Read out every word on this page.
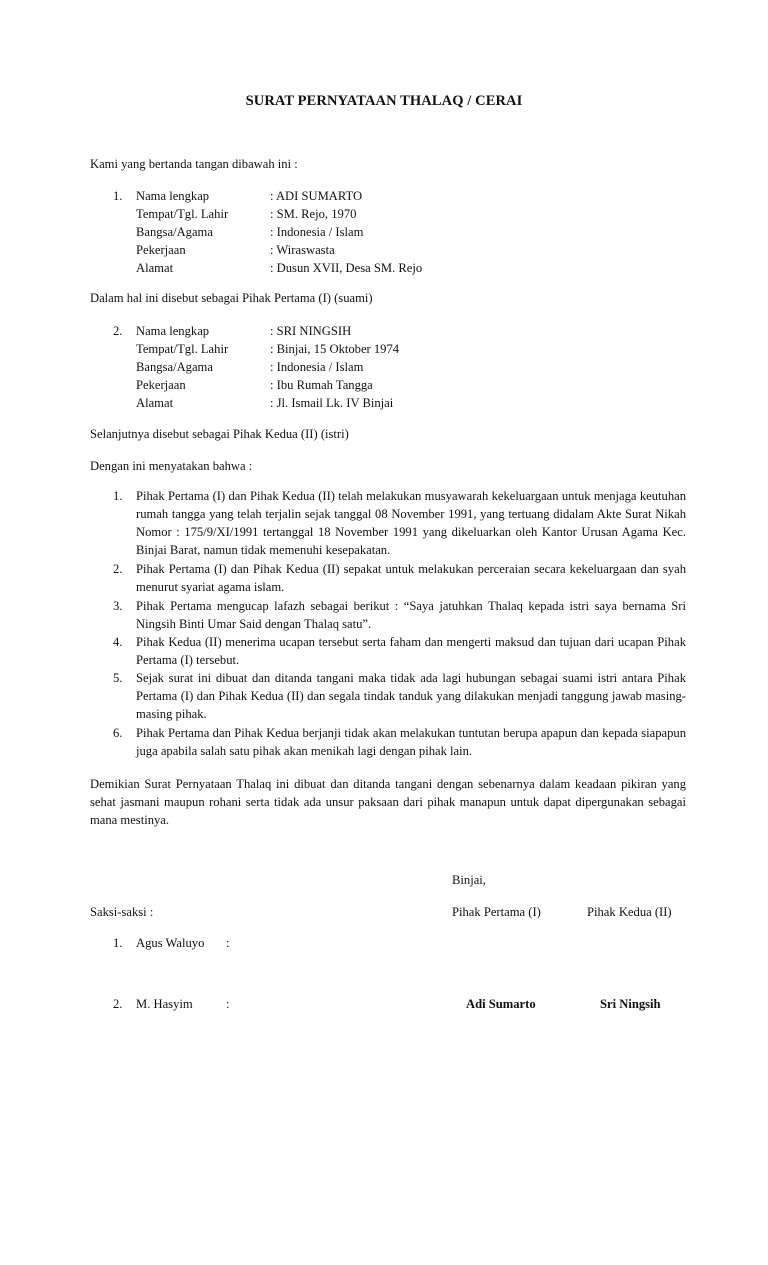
SURAT PERNYATAAN THALAQ / CERAI
Kami yang bertanda tangan dibawah ini :
1. Nama lengkap	: ADI SUMARTO
Tempat/Tgl. Lahir	: SM. Rejo, 1970
Bangsa/Agama	: Indonesia / Islam
Pekerjaan	: Wiraswasta
Alamat	: Dusun XVII, Desa SM. Rejo
Dalam hal ini disebut sebagai Pihak Pertama (I) (suami)
2. Nama lengkap	: SRI NINGSIH
Tempat/Tgl. Lahir	: Binjai, 15 Oktober 1974
Bangsa/Agama	: Indonesia / Islam
Pekerjaan	: Ibu Rumah Tangga
Alamat	: Jl. Ismail Lk. IV Binjai
Selanjutnya disebut sebagai Pihak Kedua (II) (istri)
Dengan ini menyatakan bahwa :
1. Pihak Pertama (I) dan Pihak Kedua (II) telah melakukan musyawarah kekeluargaan untuk menjaga keutuhan rumah tangga yang telah terjalin sejak tanggal 08 November 1991, yang tertuang didalam Akte Surat Nikah Nomor : 175/9/XI/1991 tertanggal 18 November 1991 yang dikeluarkan oleh Kantor Urusan Agama Kec. Binjai Barat, namun tidak memenuhi kesepakatan.
2. Pihak Pertama (I) dan Pihak Kedua (II) sepakat untuk melakukan perceraian secara kekeluargaan dan syah menurut syariat agama islam.
3. Pihak Pertama mengucap lafazh sebagai berikut : “Saya jatuhkan Thalaq kepada istri saya bernama Sri Ningsih Binti Umar Said dengan Thalaq satu”.
4. Pihak Kedua (II) menerima ucapan tersebut serta faham dan mengerti maksud dan tujuan dari ucapan Pihak Pertama (I) tersebut.
5. Sejak surat ini dibuat dan ditanda tangani maka tidak ada lagi hubungan sebagai suami istri antara Pihak Pertama (I) dan Pihak Kedua (II) dan segala tindak tanduk yang dilakukan menjadi tanggung jawab masing-masing pihak.
6. Pihak Pertama dan Pihak Kedua berjanji tidak akan melakukan tuntutan berupa apapun dan kepada siapapun juga apabila salah satu pihak akan menikah lagi dengan pihak lain.
Demikian Surat Pernyataan Thalaq ini dibuat dan ditanda tangani dengan sebenarnya dalam keadaan pikiran yang sehat jasmani maupun rohani serta tidak ada unsur paksaan dari pihak manapun untuk dapat dipergunakan sebagai mana mestinya.
Binjai,
Saksi-saksi :	Pihak Pertama (I)	Pihak Kedua (II)
1. Agus Waluyo :
2. M. Hasyim	:	Adi Sumarto	Sri Ningsih
